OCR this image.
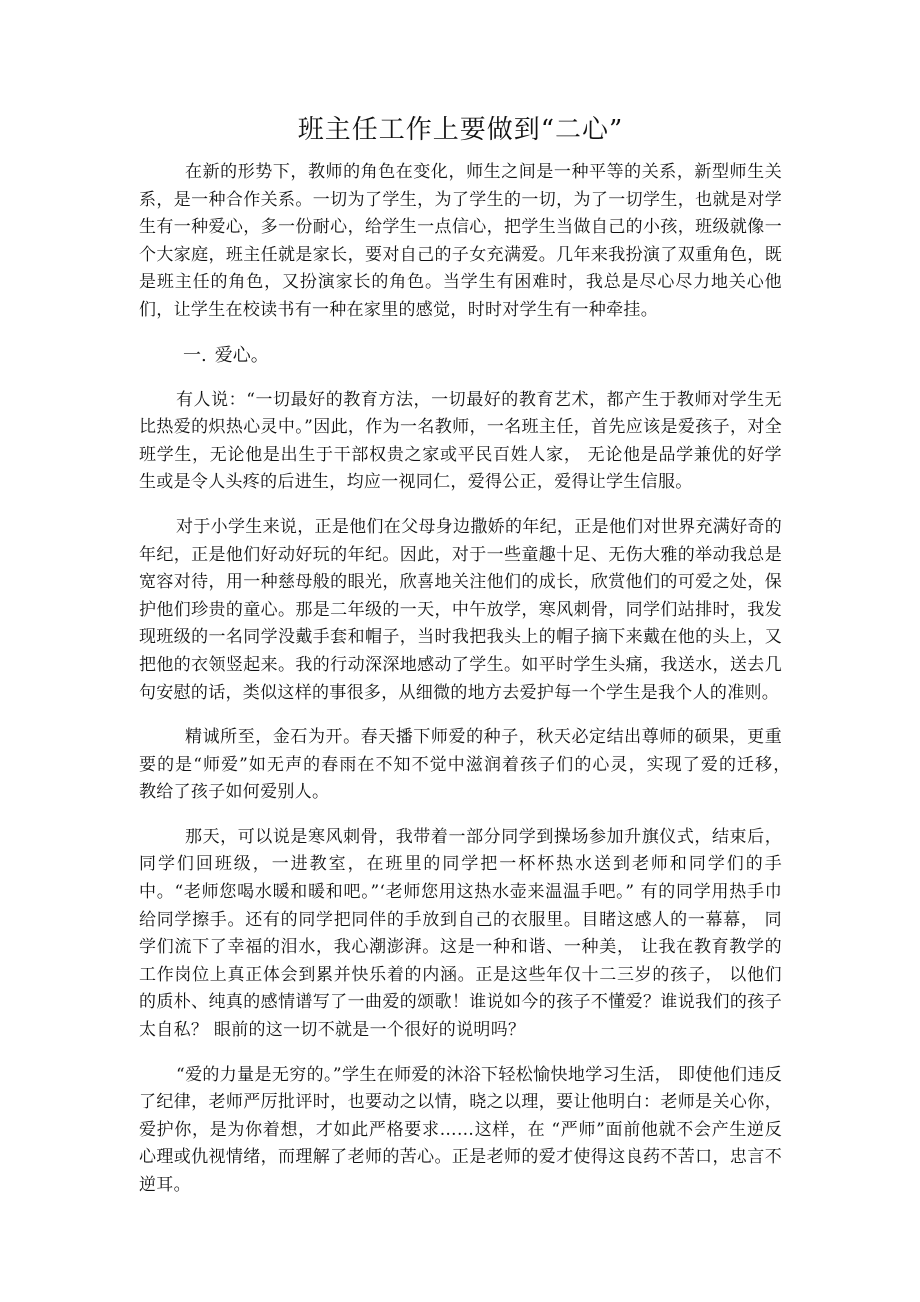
班主任工作上要做到“二心”

在新的形势下，教师的角色在变化，师生之间是一种平等的关系，新型师生关系，是一种合作关系。一切为了学生，为了学生的一切，为了一切学生，也就是对学生有一种爱心，多一份耐心，给学生一点信心，把学生当做自己的小孩，班级就像一个大家庭，班主任就是家长，要对自己的子女充满爱。几年来我扮演了双重角色，既是班主任的角色，又扮演家长的角色。当学生有困难时，我总是尽心尽力地关心他们，让学生在校读书有一种在家里的感觉，时时对学生有一种牵挂。

一. 爱心。

有人说：“一切最好的教育方法，一切最好的教育艺术，都产生于教师对学生无比热爱的炽热心灵中。”因此，作为一名教师，一名班主任，首先应该是爱孩子，对全班学生，无论他是出生于干部权贵之家或平民百姓人家， 无论他是品学兼优的好学生或是令人头疼的后进生，均应一视同仁，爱得公正，爱得让学生信服。

对于小学生来说，正是他们在父母身边撒娇的年纪，正是他们对世界充满好奇的年纪，正是他们好动好玩的年纪。因此，对于一些童趣十足、无伤大雅的举动我总是宽容对待，用一种慈母般的眼光，欣喜地关注他们的成长，欣赏他们的可爱之处，保护他们珍贵的童心。那是二年级的一天，中午放学，寒风刺骨，同学们站排时，我发现班级的一名同学没戴手套和帽子，当时我把我头上的帽子摘下来戴在他的头上，又把他的衣领竖起来。我的行动深深地感动了学生。如平时学生头痛，我送水，送去几句安慰的话，类似这样的事很多，从细微的地方去爱护每一个学生是我个人的准则。

精诚所至，金石为开。春天播下师爱的种子，秋天必定结出尊师的硕果，更重要的是“师爱”如无声的春雨在不知不觉中滋润着孩子们的心灵，实现了爱的迁移，　 教给了孩子如何爱别人。

那天，可以说是寒风刺骨，我带着一部分同学到操场参加升旗仪式，结束后，同学们回班级，一进教室，在班里的同学把一杯杯热水送到老师和同学们的手中。“老师您喝水暖和暖和吧。”‘老师您用这热水壶来温温手吧。” 有的同学用热手巾给同学擦手。还有的同学把同伴的手放到自己的衣服里。目睹这感人的一幕幕， 同学们流下了幸福的泪水，我心潮澎湃。这是一种和谐、一种美， 让我在教育教学的工作岗位上真正体会到累并快乐着的内涵。正是这些年仅十二三岁的孩子， 以他们的质朴、纯真的感情谱写了一曲爱的颂歌！谁说如今的孩子不懂爱？谁说我们的孩子太自私？ 眼前的这一切不就是一个很好的说明吗？

“爱的力量是无穷的。”学生在师爱的沐浴下轻松愉快地学习生活， 即使他们违反了纪律，老师严厉批评时，也要动之以情，晓之以理，要让他明白：老师是关心你，爱护你，是为你着想，才如此严格要求……这样，在 “严师”面前他就不会产生逆反心理或仇视情绪，而理解了老师的苦心。正是老师的爱才使得这良药不苦口，忠言不逆耳。
